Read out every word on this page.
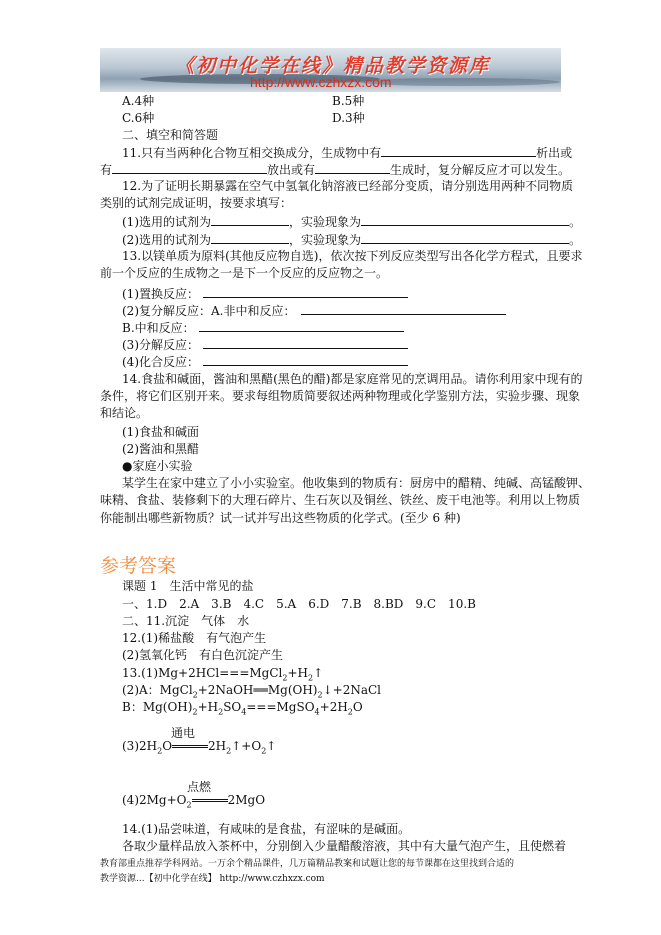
《初中化学在线》精品教学资源库
http://www.czhxzx.com
A.4种	B.5种
C.6种	D.3种
二、填空和简答题
11.只有当两种化合物互相交换成分，生成物中有	析出或
有	放出或有	生成时，复分解反应才可以发生。
12.为了证明长期暴露在空气中氢氧化钠溶液已经部分变质，请分别选用两种不同物质
类别的试剂完成证明，按要求填写：
(1)选用的试剂为	，实验现象为	。
(2)选用的试剂为	，实验现象为	。
13.以镁单质为原料(其他反应物自选)，依次按下列反应类型写出各化学方程式，且要求
前一个反应的生成物之一是下一个反应的反应物之一。
(1)置换反应：
(2)复分解反应：A.非中和反应：
B.中和反应：
(3)分解反应：
(4)化合反应：
14.食盐和碱面，酱油和黑醋(黑色的醋)都是家庭常见的烹调用品。请你利用家中现有的
条件，将它们区别开来。要求每组物质简要叙述两种物理或化学鉴别方法，实验步骤、现象
和结论。
(1)食盐和碱面
(2)酱油和黑醋
●家庭小实验
某学生在家中建立了小小实验室。他收集到的物质有：厨房中的醋精、纯碱、高锰酸钾、
味精、食盐、装修剩下的大理石碎片、生石灰以及铜丝、铁丝、废干电池等。利用以上物质
你能制出哪些新物质？试一试并写出这些物质的化学式。(至少 6 种)
参考答案
课题 1　生活中常见的盐
一、1.D　2.A　3.B　4.C　5.A　6.D　7.B　8.BD　9.C　10.B
二、11.沉淀　气体　水
12.(1)稀盐酸　有气泡产生
(2)氢氧化钙　有白色沉淀产生
$13.(1)Mg+2HCl===MgCl_2+H_2↑$
(2)A：$MgCl_2+2NaOH══Mg(OH)_2↓+2NaCl$
B：$Mg(OH)_2+H_2SO_4===MgSO_4+2H_2O$
通电
$(3)2H_2O$	$2H_2↑+O_2↑$
点燃
$(4)2Mg+O_2$	2MgO
14.(1)品尝味道，有咸味的是食盐，有涩味的是碱面。
各取少量样品放入茶杯中，分别倒入少量醋酸溶液，其中有大量气泡产生，且使燃着
教育部重点推荐学科网站。一万余个精品课件，几万篇精品教案和试题让您的每节课都在这里找到合适的
教学资源...【初中化学在线】 http://www.czhxzx.com
